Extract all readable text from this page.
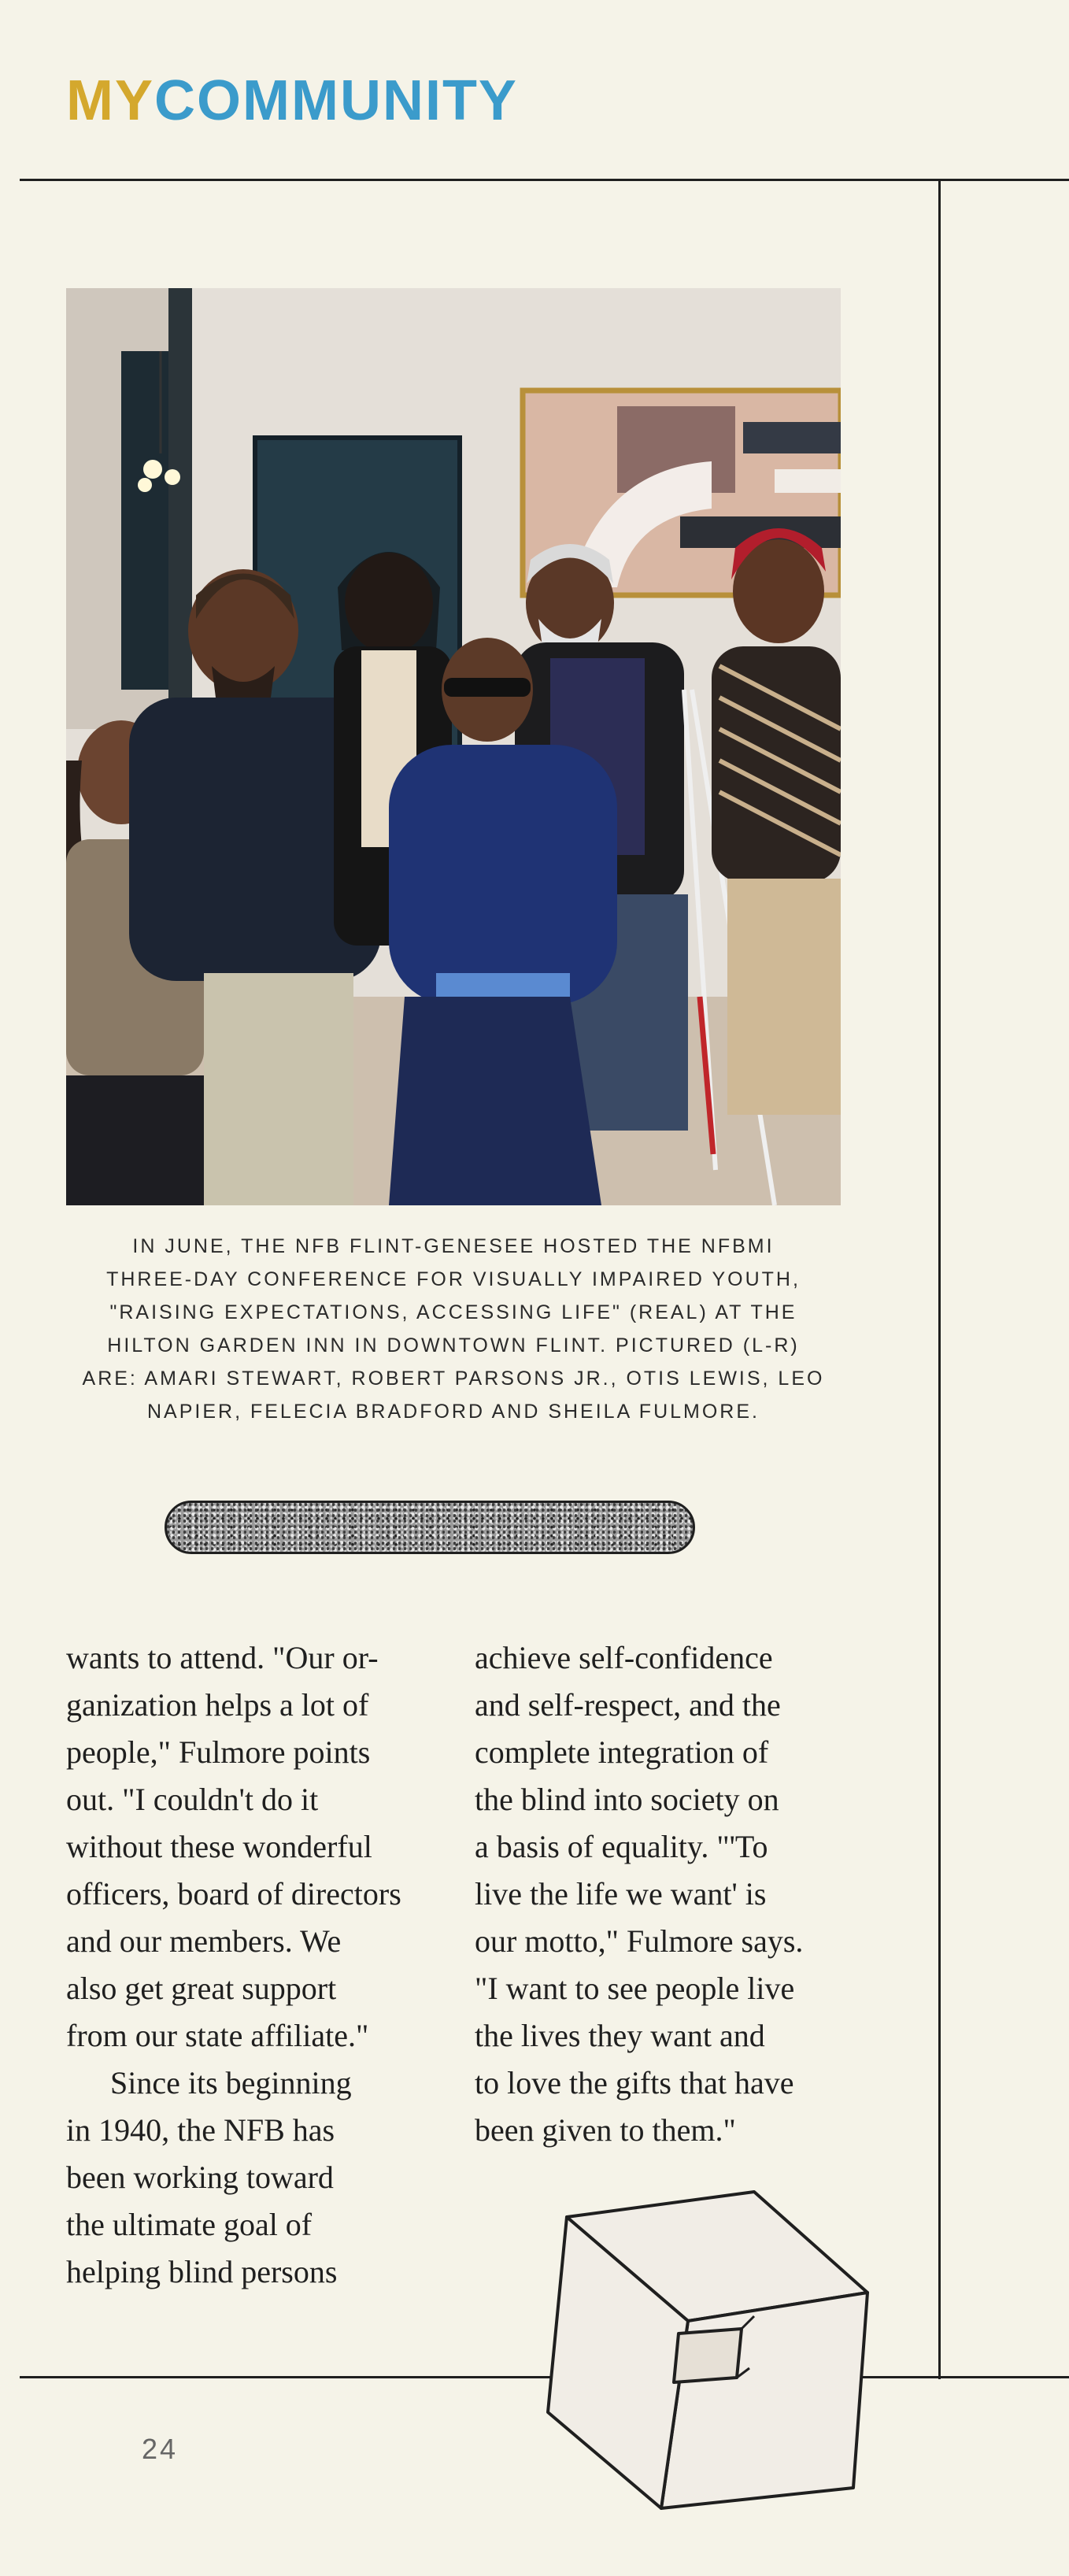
MYCOMMUNITY
IN JUNE, THE NFB FLINT-GENESEE HOSTED THE NFBMI
THREE-DAY CONFERENCE FOR VISUALLY IMPAIRED YOUTH,
"RAISING EXPECTATIONS, ACCESSING LIFE" (REAL) AT THE
HILTON GARDEN INN IN DOWNTOWN FLINT. PICTURED (L-R)
ARE: AMARI STEWART, ROBERT PARSONS JR., OTIS LEWIS, LEO
NAPIER, FELECIA BRADFORD AND SHEILA FULMORE.
wants to attend. "Our or-
ganization helps a lot of
people," Fulmore points
out. "I couldn't do it
without these wonderful
officers, board of directors
and our members. We
also get great support
from our state affiliate."
Since its beginning
in 1940, the NFB has
been working toward
the ultimate goal of
helping blind persons
achieve self-confidence
and self-respect, and the
complete integration of
the blind into society on
a basis of equality. "'To
live the life we want' is
our motto," Fulmore says.
"I want to see people live
the lives they want and
to love the gifts that have
been given to them."
24
